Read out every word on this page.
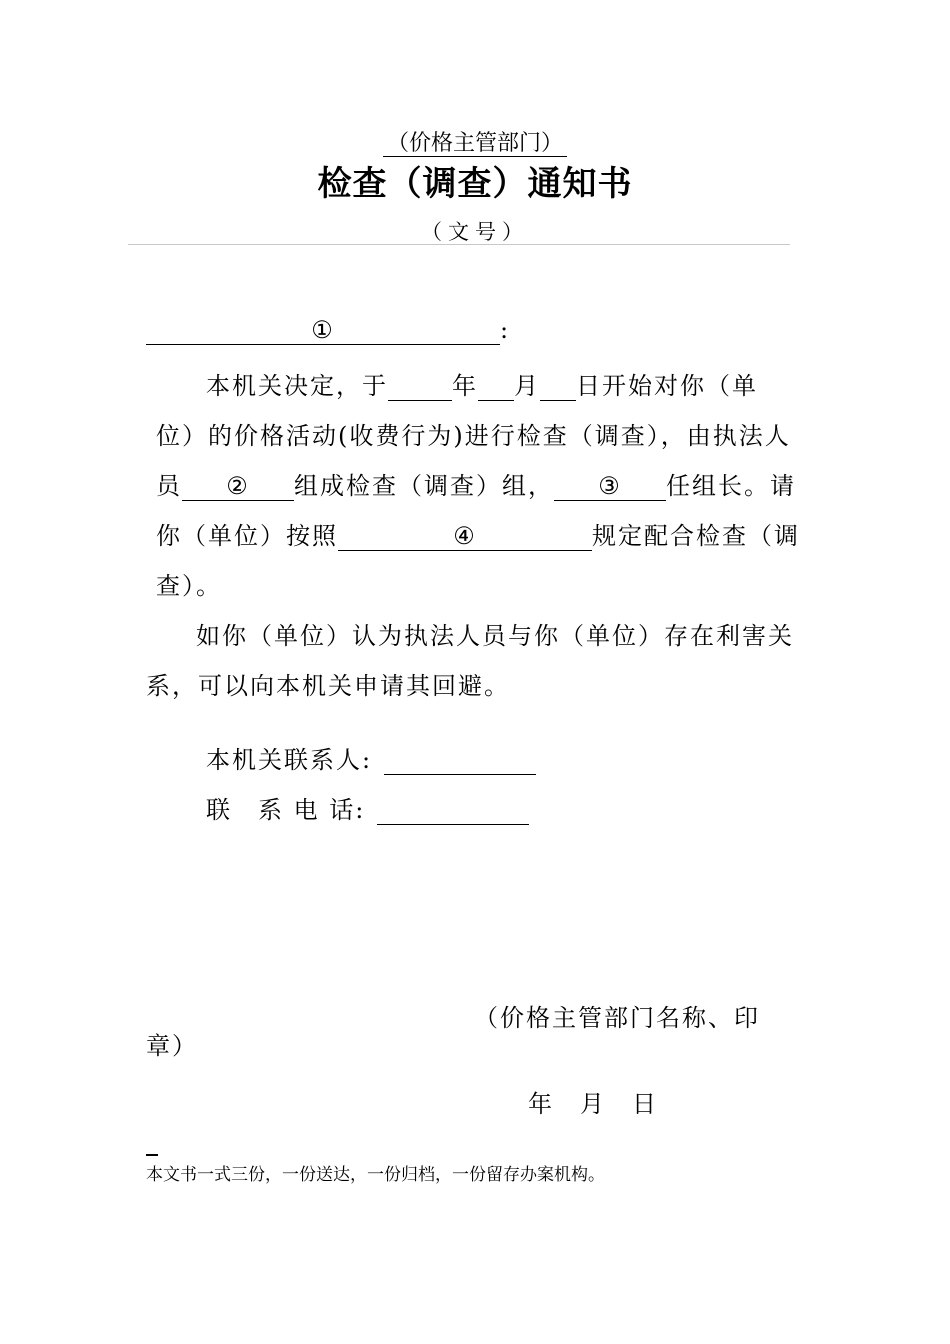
（价格主管部门）
检查（调查）通知书
（文号）
①	:
本机关决定，于	年 月 日开始对你（单
位）的价格活动(收费行为)进行检查（调查），由执法人
员 ② 组成检查（调查）组， ③ 任组长。请
你（单位）按照	④	规定配合检查（调
查）。
如你（单位）认为执法人员与你（单位）存在利害关
系，可以向本机关申请其回避。
本机关联系人:
联　系 电 话:
（价格主管部门名称、印
章）
年　月　日
本文书一式三份，一份送达，一份归档，一份留存办案机构。
